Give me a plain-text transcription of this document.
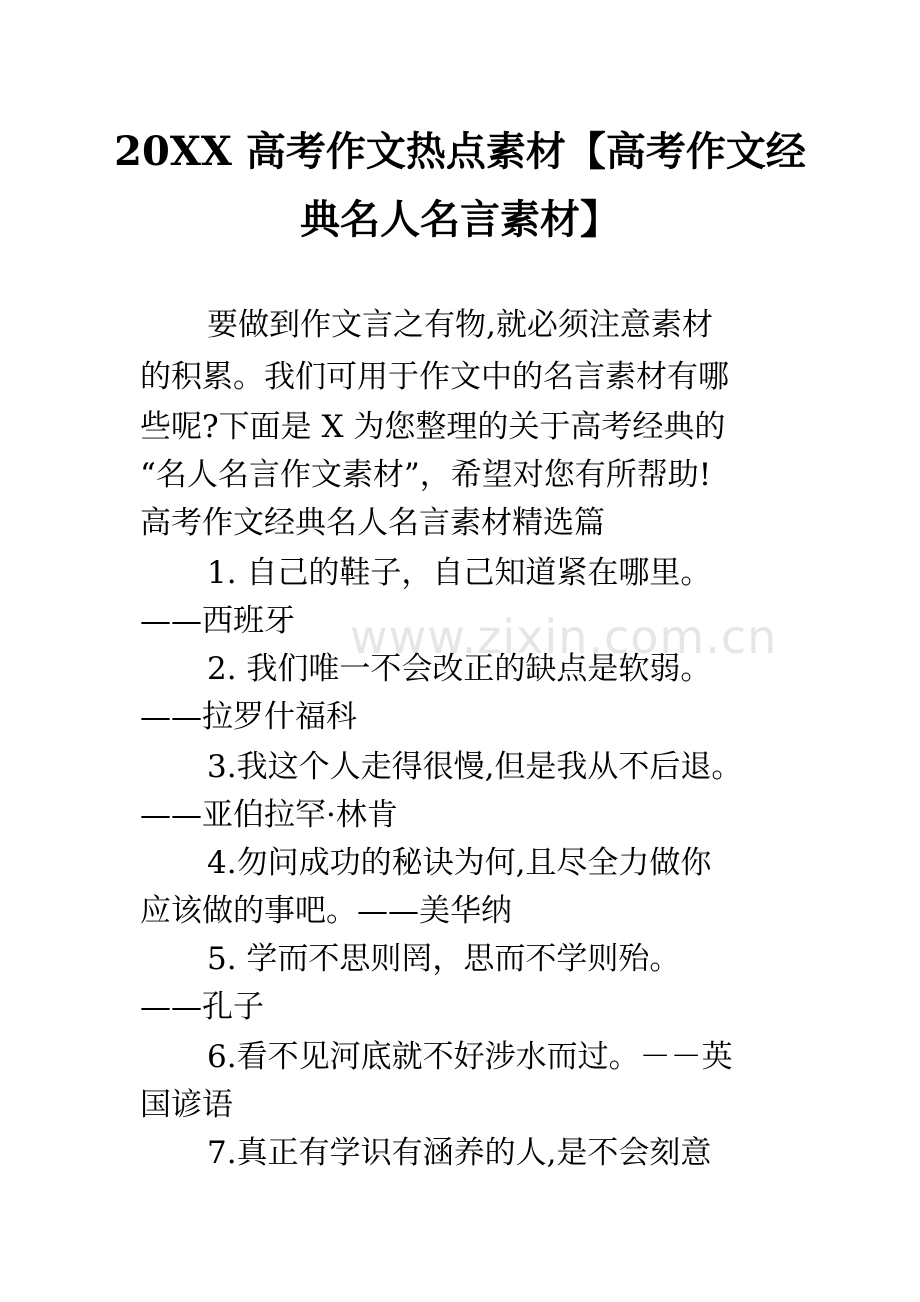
www.zixin.com.cn
20XX 高考作文热点素材【高考作文经
典名人名言素材】
要做到作文言之有物,就必须注意素材
的积累。我们可用于作文中的名言素材有哪
些呢?下面是 X 为您整理的关于高考经典的
“名人名言作文素材”，希望对您有所帮助!
高考作文经典名人名言素材精选篇
1. 自己的鞋子，自己知道紧在哪里。
——西班牙
2. 我们唯一不会改正的缺点是软弱。
——拉罗什福科
3.我这个人走得很慢,但是我从不后退。
——亚伯拉罕·林肯
4.勿问成功的秘诀为何,且尽全力做你
应该做的事吧。——美华纳
5. 学而不思则罔，思而不学则殆。
——孔子
6.看不见河底就不好涉水而过。－－英
国谚语
7.真正有学识有涵养的人,是不会刻意
